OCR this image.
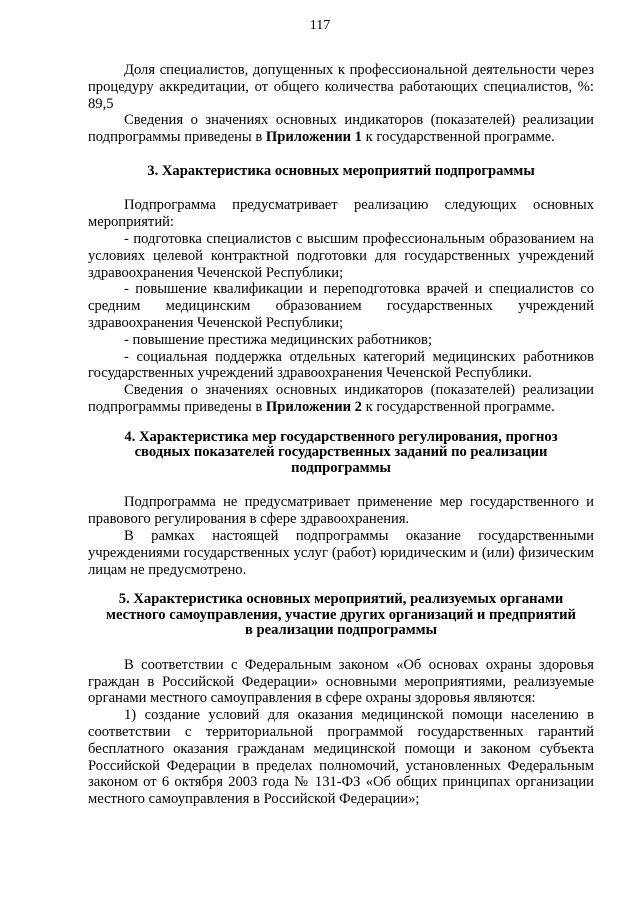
117

Доля специалистов, допущенных к профессиональной деятельности через процедуру аккредитации, от общего количества работающих специалистов, %: 89,5

Сведения о значениях основных индикаторов (показателей) реализации подпрограммы приведены в Приложении 1 к государственной программе.

3. Характеристика основных мероприятий подпрограммы

Подпрограмма предусматривает реализацию следующих основных мероприятий:

- подготовка специалистов с высшим профессиональным образованием на условиях целевой контрактной подготовки для государственных учреждений здравоохранения Чеченской Республики;

- повышение квалификации и переподготовка врачей и специалистов со средним медицинским образованием государственных учреждений здравоохранения Чеченской Республики;

- повышение престижа медицинских работников;

- социальная поддержка отдельных категорий медицинских работников государственных учреждений здравоохранения Чеченской Республики.

Сведения о значениях основных индикаторов (показателей) реализации подпрограммы приведены в Приложении 2 к государственной программе.

4. Характеристика мер государственного регулирования, прогноз
сводных показателей государственных заданий по реализации
подпрограммы

Подпрограмма не предусматривает применение мер государственного и правового регулирования в сфере здравоохранения.

В рамках настоящей подпрограммы оказание государственными учреждениями государственных услуг (работ) юридическим и (или) физическим лицам не предусмотрено.

5. Характеристика основных мероприятий, реализуемых органами
местного самоуправления, участие других организаций и предприятий
в реализации подпрограммы

В соответствии с Федеральным законом «Об основах охраны здоровья граждан в Российской Федерации» основными мероприятиями, реализуемые органами местного самоуправления в сфере охраны здоровья являются:

1) создание условий для оказания медицинской помощи населению в соответствии с территориальной программой государственных гарантий бесплатного оказания гражданам медицинской помощи и законом субъекта Российской Федерации в пределах полномочий, установленных Федеральным законом от 6 октября 2003 года № 131-ФЗ «Об общих принципах организации местного самоуправления в Российской Федерации»;
